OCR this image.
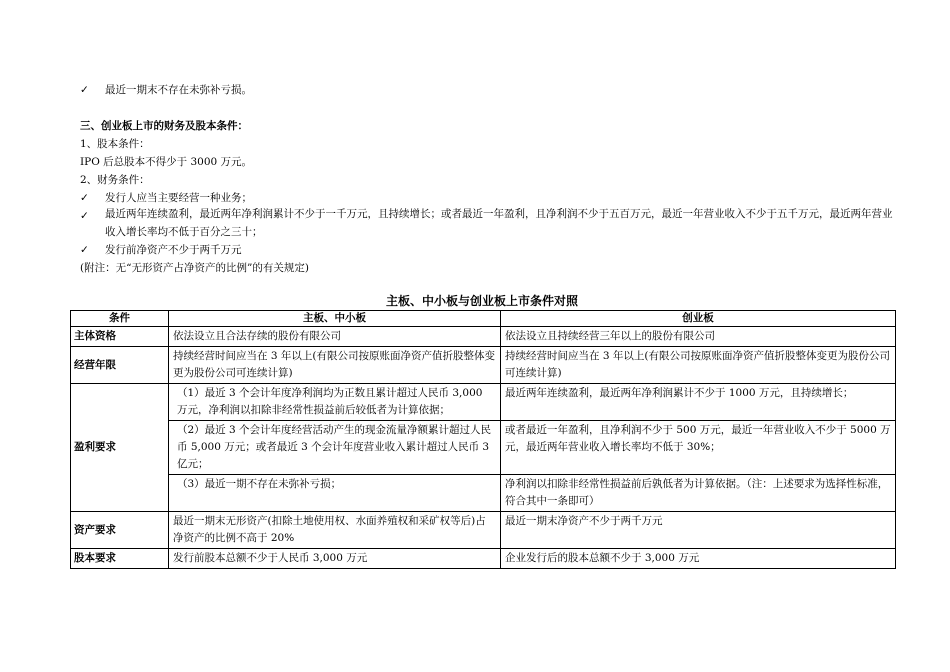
✓	最近一期末不存在未弥补亏损。
三、创业板上市的财务及股本条件：
1、股本条件：
IPO 后总股本不得少于 3000 万元。
2、财务条件：
✓	发行人应当主要经营一种业务；
✓	最近两年连续盈利，最近两年净利润累计不少于一千万元，且持续增长；或者最近一年盈利，且净利润不少于五百万元，最近一年营业收入不少于五千万元，最近两年营业收入增长率均不低于百分之三十；
✓	发行前净资产不少于两千万元
(附注：无“无形资产占净资产的比例”的有关规定)
主板、中小板与创业板上市条件对照
条件	主板、中小板	创业板
主体资格	依法设立且合法存续的股份有限公司	依法设立且持续经营三年以上的股份有限公司
经营年限	持续经营时间应当在 3 年以上(有限公司按原账面净资产值折股整体变更为股份公司可连续计算)	持续经营时间应当在 3 年以上(有限公司按原账面净资产值折股整体变更为股份公司可连续计算)
盈利要求	（1）最近 3 个会计年度净利润均为正数且累计超过人民币 3,000 万元，净利润以扣除非经常性损益前后较低者为计算依据；	最近两年连续盈利，最近两年净利润累计不少于 1000 万元，且持续增长；
	（2）最近 3 个会计年度经营活动产生的现金流量净额累计超过人民币 5,000 万元；或者最近 3 个会计年度营业收入累计超过人民币 3 亿元；	或者最近一年盈利，且净利润不少于 500 万元，最近一年营业收入不少于 5000 万元，最近两年营业收入增长率均不低于 30%；
	（3）最近一期不存在未弥补亏损；	净利润以扣除非经常性损益前后孰低者为计算依据。（注：上述要求为选择性标准，符合其中一条即可）
资产要求	最近一期末无形资产(扣除土地使用权、水面养殖权和采矿权等后)占净资产的比例不高于 20%	最近一期末净资产不少于两千万元
股本要求	发行前股本总额不少于人民币 3,000 万元	企业发行后的股本总额不少于 3,000 万元
